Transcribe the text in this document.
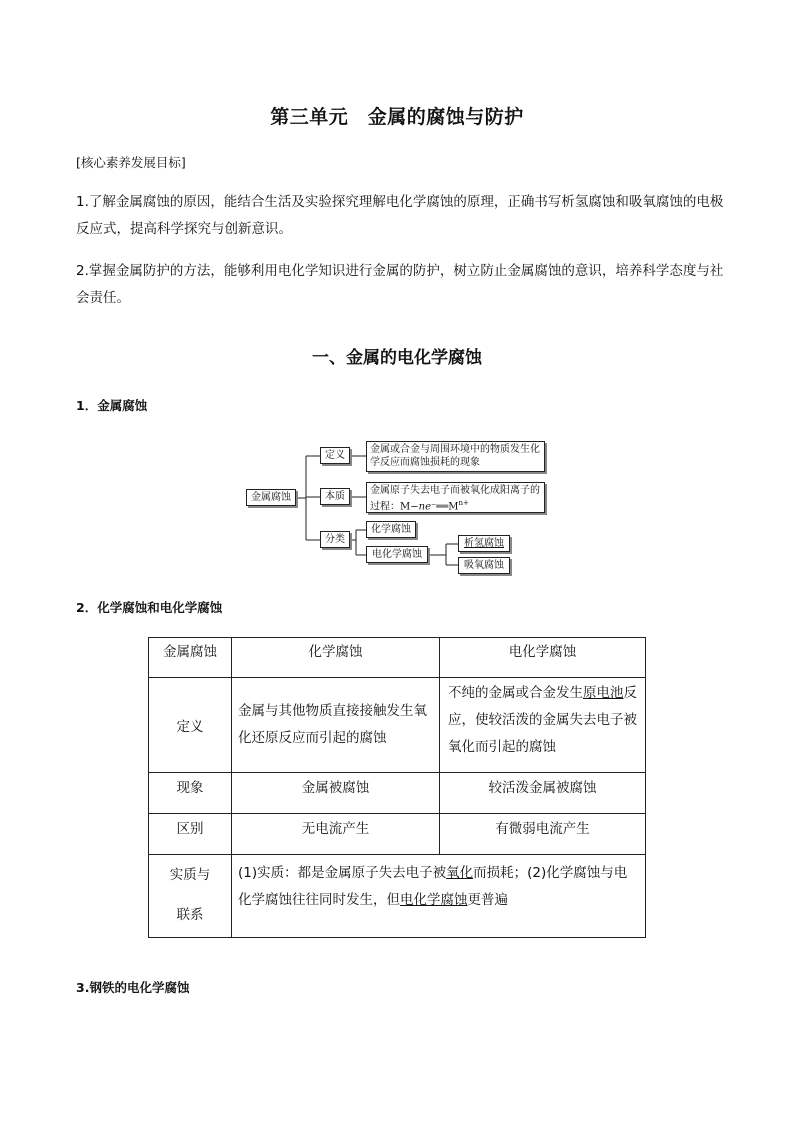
第三单元　金属的腐蚀与防护
[核心素养发展目标]
1.了解金属腐蚀的原因，能结合生活及实验探究理解电化学腐蚀的原理，正确书写析氢腐蚀和吸氧腐蚀的电极反应式，提高科学探究与创新意识。
2.掌握金属防护的方法，能够利用电化学知识进行金属的防护，树立防止金属腐蚀的意识，培养科学态度与社会责任。
一、金属的电化学腐蚀
1．金属腐蚀
金属腐蚀
定义
金属或合金与周围环境中的物质发生化学反应而腐蚀损耗的现象
本质
金属原子失去电子而被氧化成阳离子的过程：$M-ne^-══M^{n+}$
分类
化学腐蚀
电化学腐蚀
析氢腐蚀
吸氧腐蚀
2．化学腐蚀和电化学腐蚀
金属腐蚀	化学腐蚀	电化学腐蚀
定义	金属与其他物质直接接触发生氧化还原反应而引起的腐蚀	不纯的金属或合金发生原电池反应，使较活泼的金属失去电子被氧化而引起的腐蚀
现象	金属被腐蚀	较活泼金属被腐蚀
区别	无电流产生	有微弱电流产生

实质与
联系	(1)实质：都是金属原子失去电子被氧化而损耗；(2)化学腐蚀与电化学腐蚀往往同时发生，但电化学腐蚀更普遍	
3.钢铁的电化学腐蚀
